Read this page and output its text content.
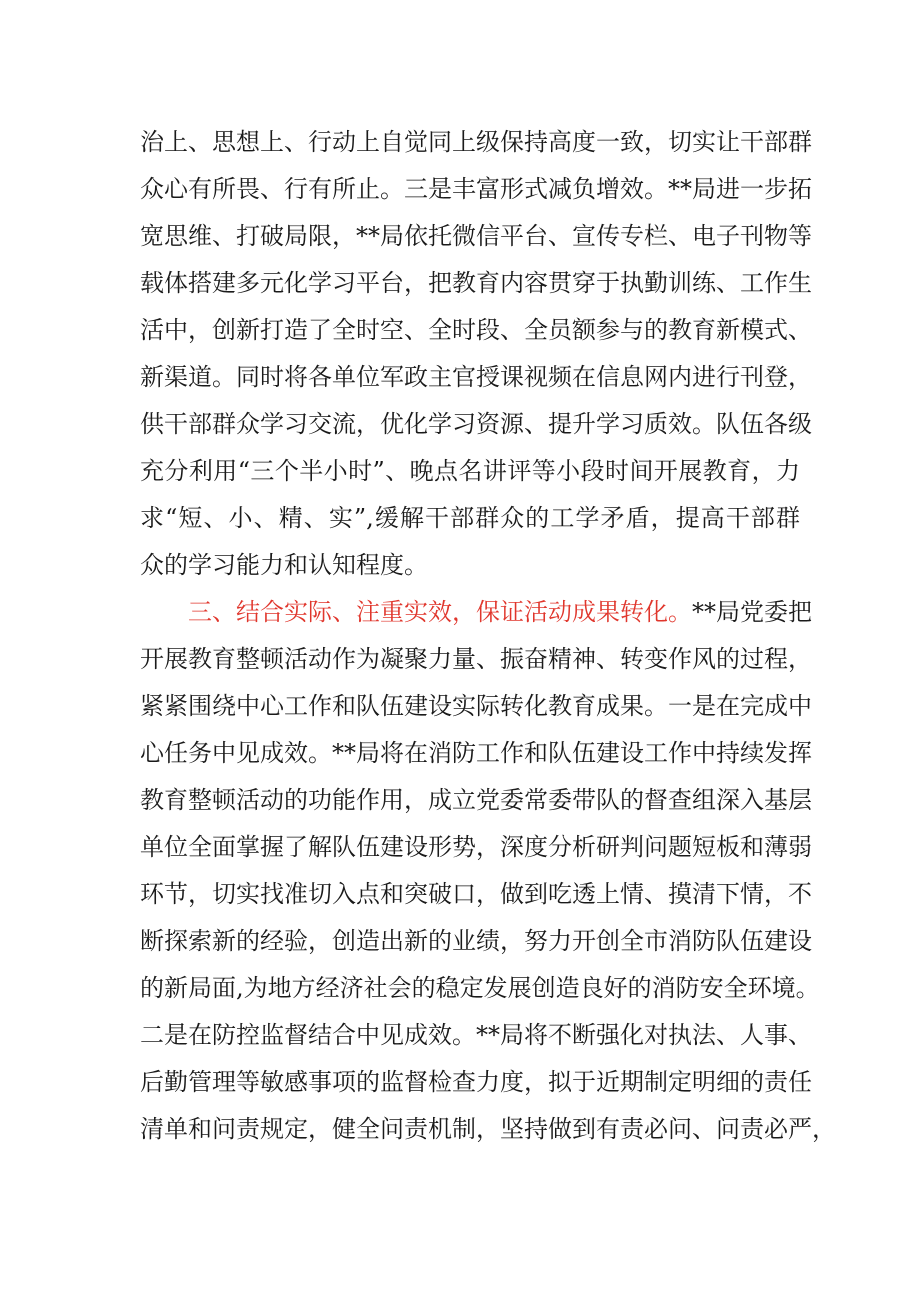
治上、思想上、行动上自觉同上级保持高度一致，切实让干部群
众心有所畏、行有所止。三是丰富形式减负增效。**局进一步拓
宽思维、打破局限，**局依托微信平台、宣传专栏、电子刊物等
载体搭建多元化学习平台，把教育内容贯穿于执勤训练、工作生
活中，创新打造了全时空、全时段、全员额参与的教育新模式、
新渠道。同时将各单位军政主官授课视频在信息网内进行刊登，
供干部群众学习交流，优化学习资源、提升学习质效。队伍各级
充分利用“三个半小时”、晚点名讲评等小段时间开展教育，力
求“短、小、精、实”,缓解干部群众的工学矛盾，提高干部群
众的学习能力和认知程度。
三、结合实际、注重实效，保证活动成果转化。**局党委把
开展教育整顿活动作为凝聚力量、振奋精神、转变作风的过程，
紧紧围绕中心工作和队伍建设实际转化教育成果。一是在完成中
心任务中见成效。**局将在消防工作和队伍建设工作中持续发挥
教育整顿活动的功能作用，成立党委常委带队的督查组深入基层
单位全面掌握了解队伍建设形势，深度分析研判问题短板和薄弱
环节，切实找准切入点和突破口，做到吃透上情、摸清下情，不
断探索新的经验，创造出新的业绩，努力开创全市消防队伍建设
的新局面,为地方经济社会的稳定发展创造良好的消防安全环境。
二是在防控监督结合中见成效。**局将不断强化对执法、人事、
后勤管理等敏感事项的监督检查力度，拟于近期制定明细的责任
清单和问责规定，健全问责机制，坚持做到有责必问、问责必严，
